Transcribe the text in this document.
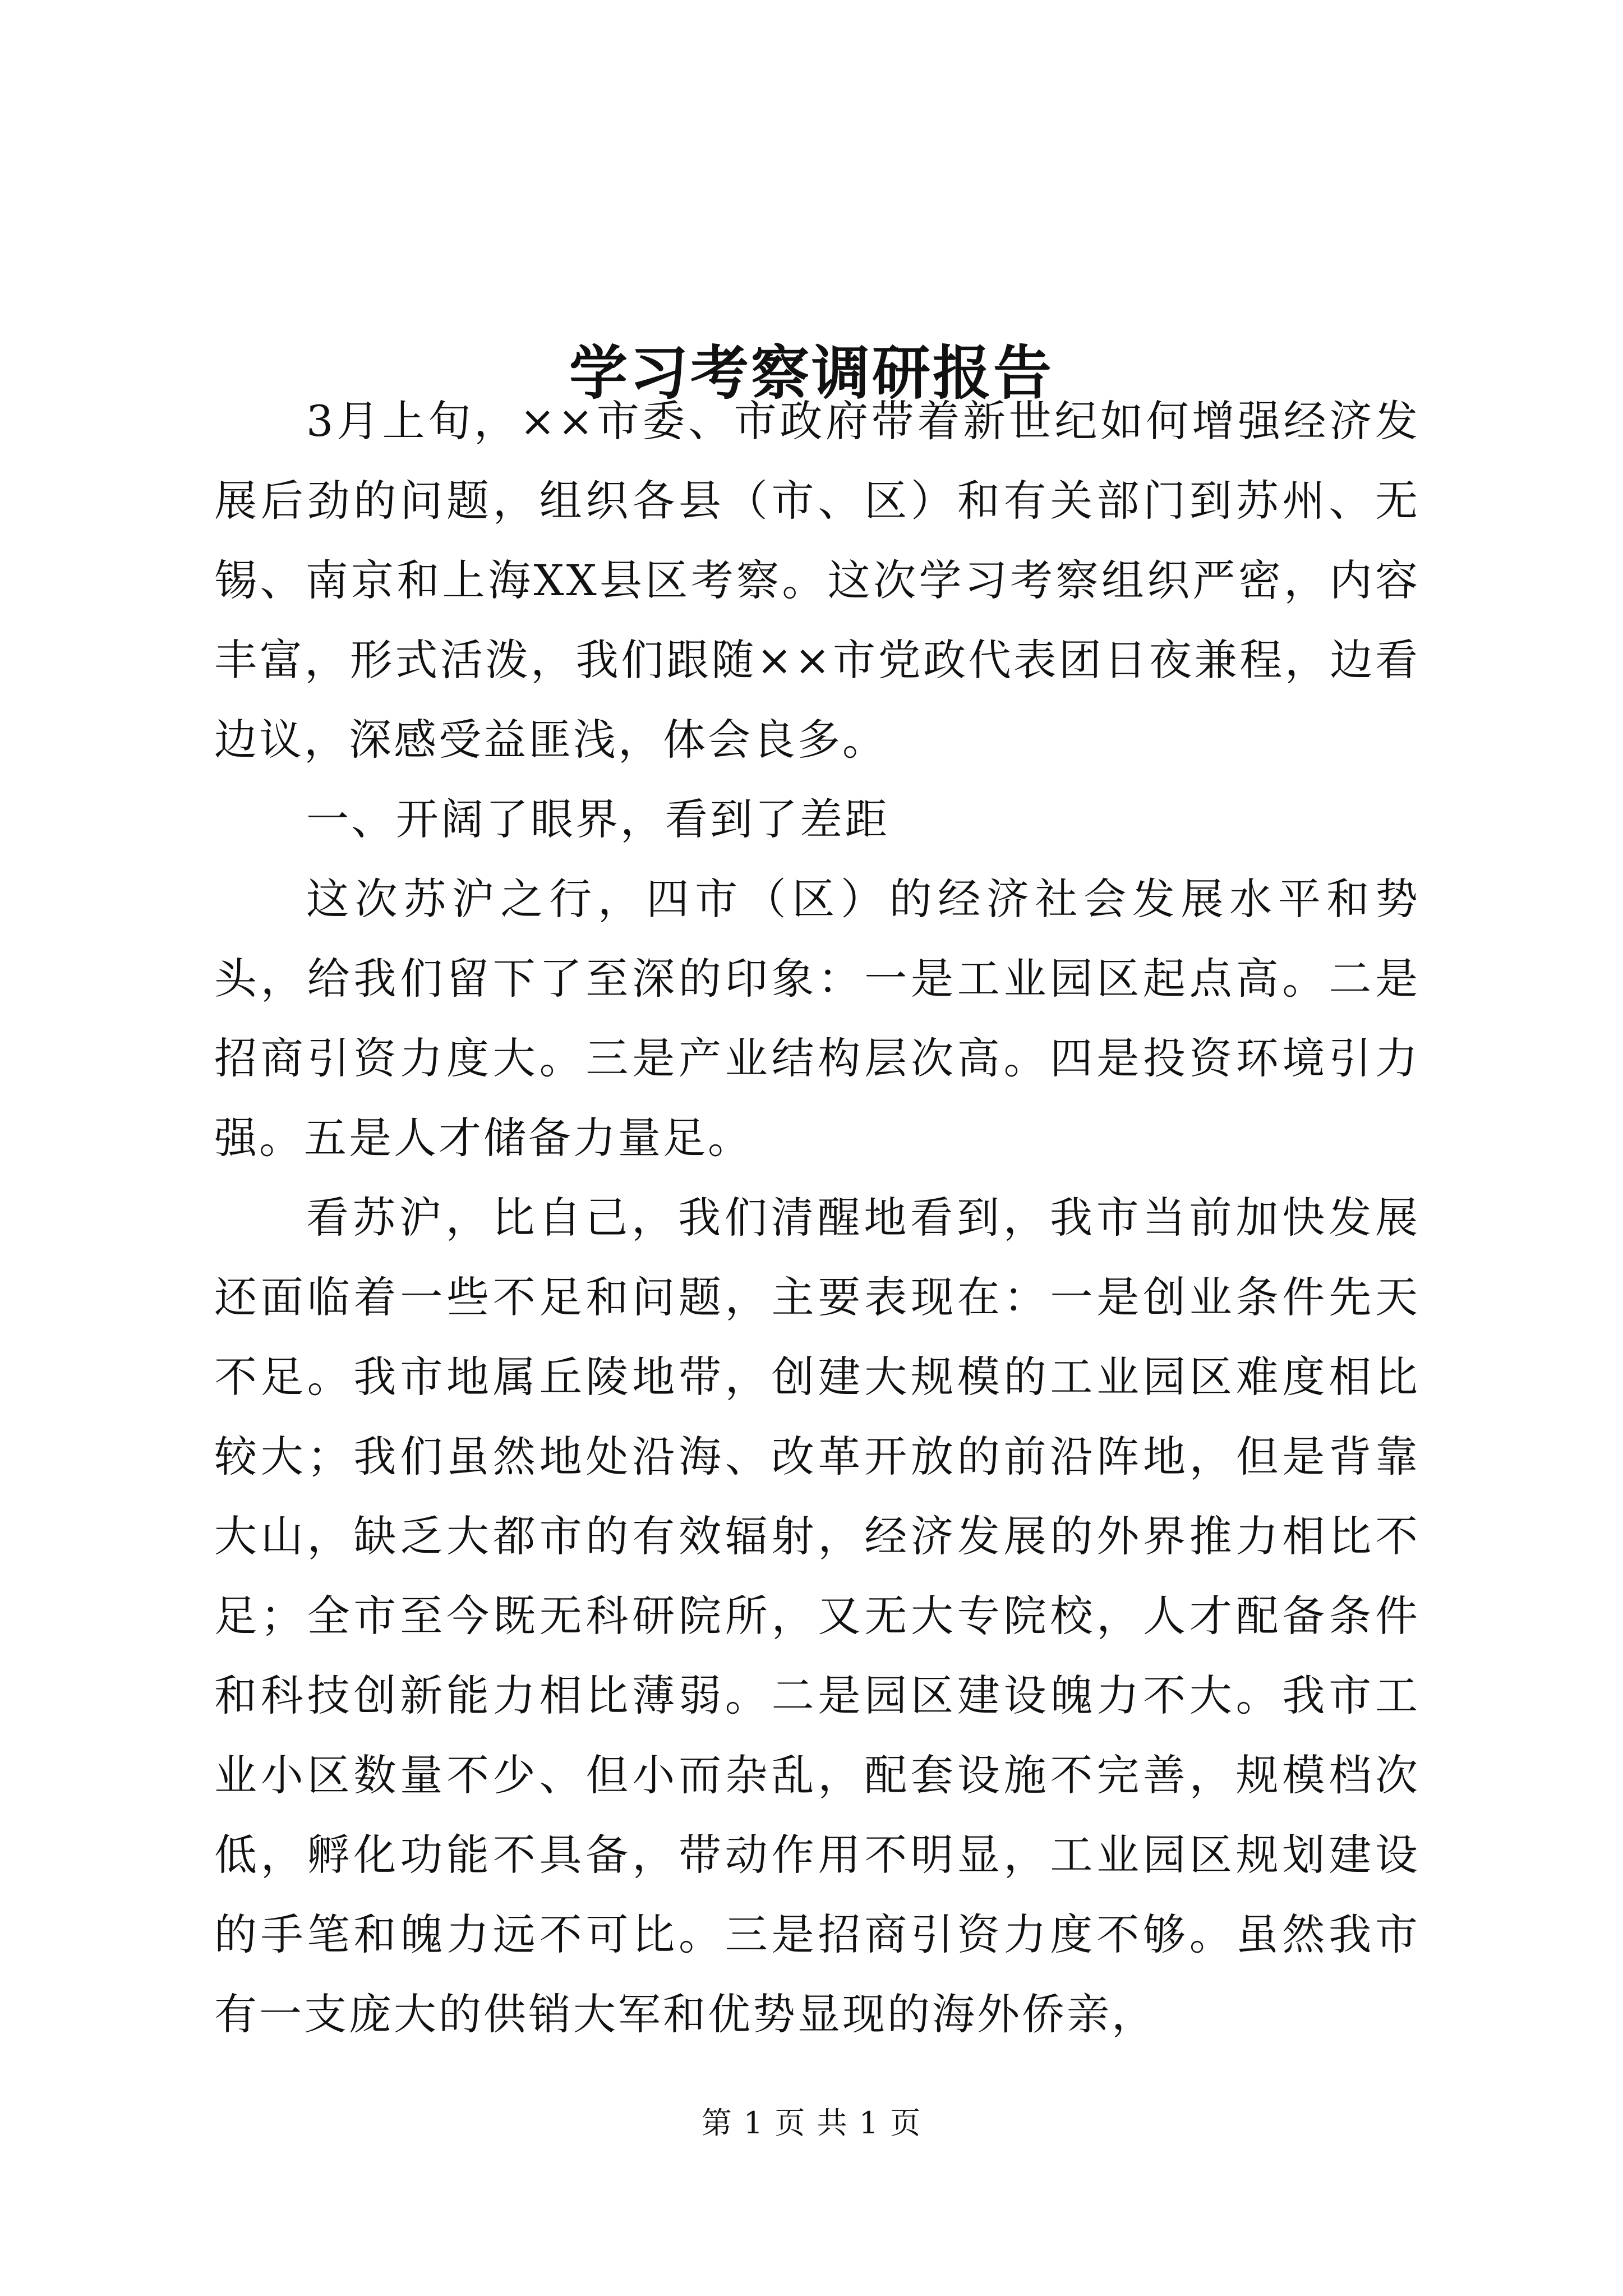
学习考察调研报告

3月上旬，××市委、市政府带着新世纪如何增强经济发展后劲的问题，组织各县（市、区）和有关部门到苏州、无锡、南京和上海XX县区考察。这次学习考察组织严密，内容丰富，形式活泼，我们跟随××市党政代表团日夜兼程，边看边议，深感受益匪浅，体会良多。

一、开阔了眼界，看到了差距

这次苏沪之行，四市（区）的经济社会发展水平和势头，给我们留下了至深的印象：一是工业园区起点高。二是招商引资力度大。三是产业结构层次高。四是投资环境引力强。五是人才储备力量足。

看苏沪，比自己，我们清醒地看到，我市当前加快发展还面临着一些不足和问题，主要表现在：一是创业条件先天不足。我市地属丘陵地带，创建大规模的工业园区难度相比较大；我们虽然地处沿海、改革开放的前沿阵地，但是背靠大山，缺乏大都市的有效辐射，经济发展的外界推力相比不足；全市至今既无科研院所，又无大专院校，人才配备条件和科技创新能力相比薄弱。二是园区建设魄力不大。我市工业小区数量不少、但小而杂乱，配套设施不完善，规模档次低，孵化功能不具备，带动作用不明显，工业园区规划建设的手笔和魄力远不可比。三是招商引资力度不够。虽然我市有一支庞大的供销大军和优势显现的海外侨亲，

第 1 页 共 1 页
